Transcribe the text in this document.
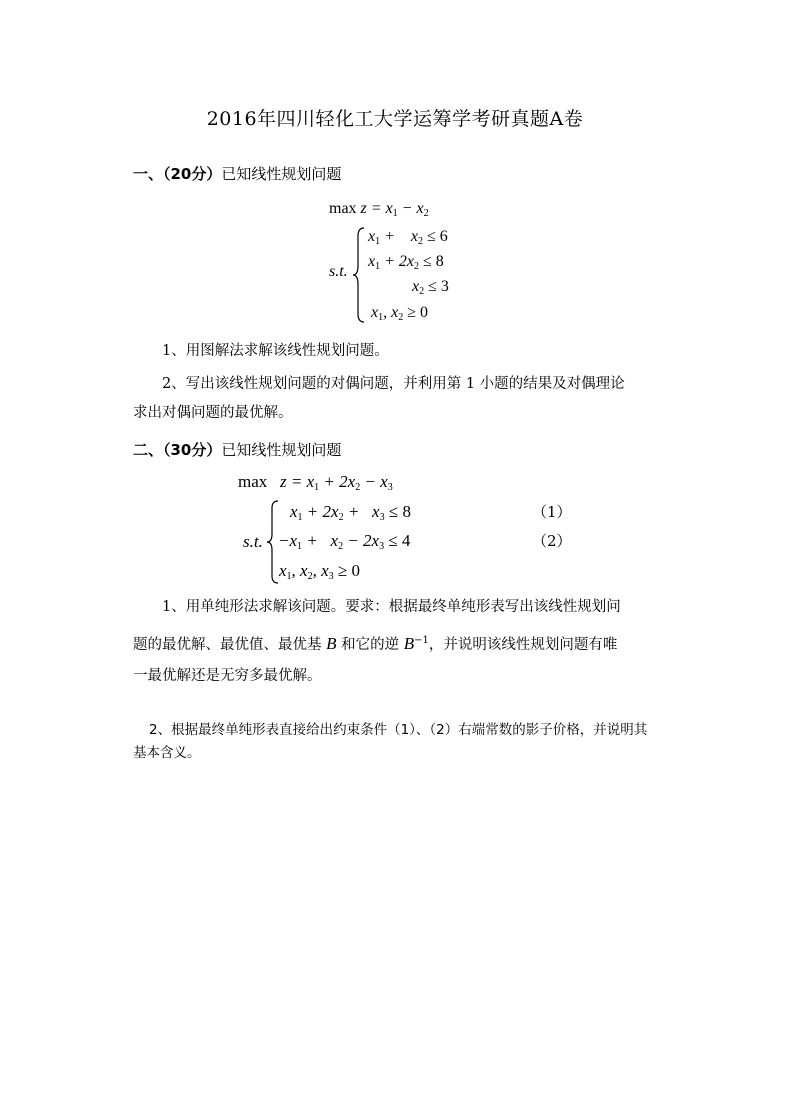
2016年四川轻化工大学运筹学考研真题A卷
一、（20分）已知线性规划问题
$\max z = x_1 - x_2$
s.t.
$x_1$ +    $x_2 \le 6$
$x_1 + 2x_2 \le 8$
$x_2 \le 3$
$x_1$, $x_2 \ge 0$
1、用图解法求解该线性规划问题。
2、写出该线性规划问题的对偶问题，并利用第 1 小题的结果及对偶理论
求出对偶问题的最优解。
二、（30分）已知线性规划问题
$\max z = x_1 + 2x_2 - x_3$
s.t.
$x_1 + 2x_2 + x_3 \le 8$	（1）
$-x_1 + x_2 - 2x_3 \le 4$	（2）
$x_1$, $x_2$, $x_3 \ge 0$
1、用单纯形法求解该问题。要求：根据最终单纯形表写出该线性规划问
题的最优解、最优值、最优基 B 和它的逆 $B^{-1}$，并说明该线性规划问题有唯
一最优解还是无穷多最优解。
2、根据最终单纯形表直接给出约束条件（1）、（2）右端常数的影子价格，并说明其
基本含义。
